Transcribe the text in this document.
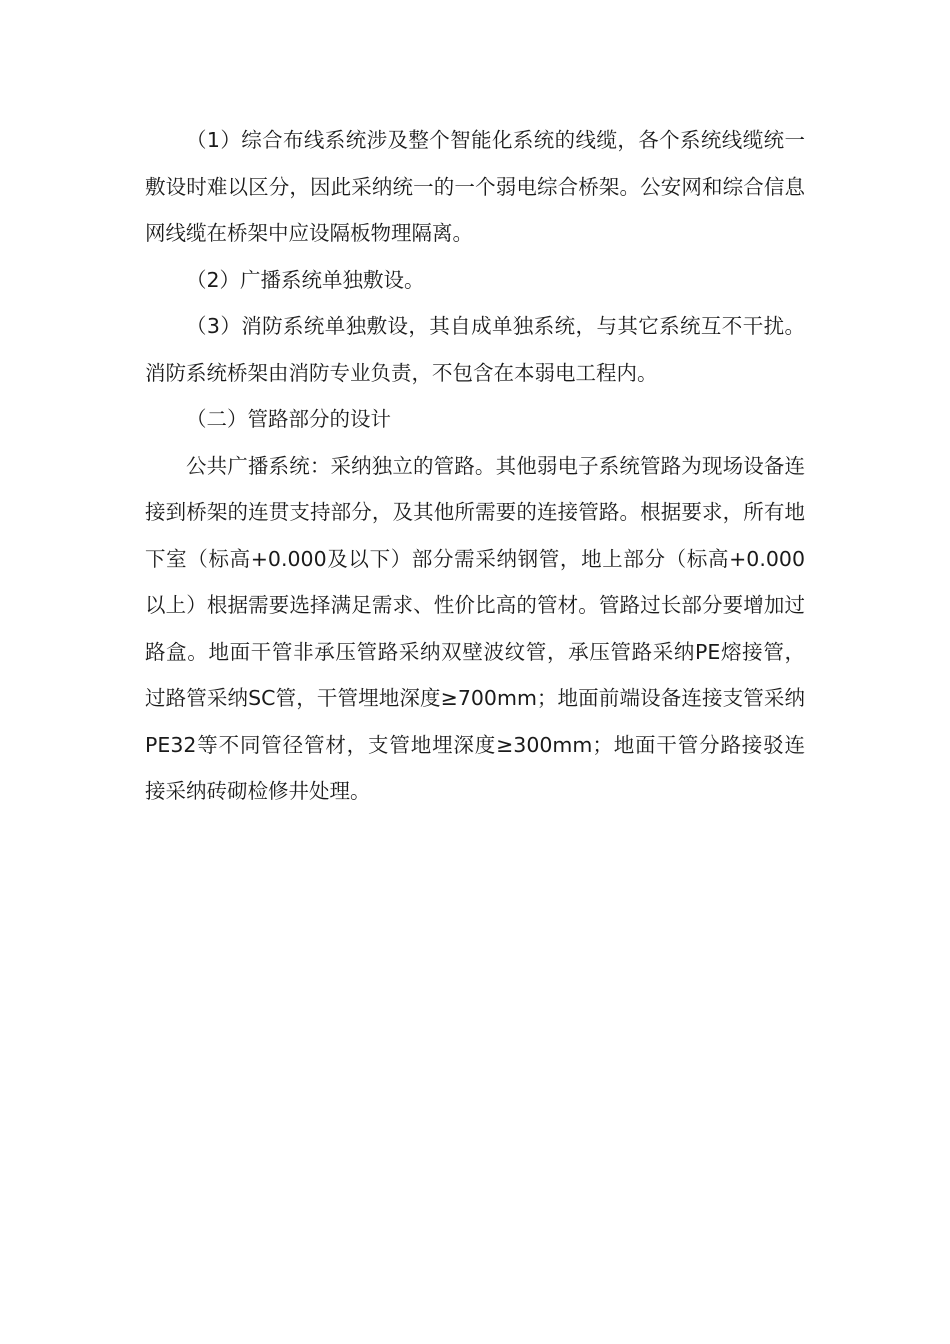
（1）综合布线系统涉及整个智能化系统的线缆，各个系统线缆统一敷设时难以区分，因此采纳统一的一个弱电综合桥架。公安网和综合信息网线缆在桥架中应设隔板物理隔离。

（2）广播系统单独敷设。

（3）消防系统单独敷设，其自成单独系统，与其它系统互不干扰。消防系统桥架由消防专业负责，不包含在本弱电工程内。

（二）管路部分的设计

公共广播系统：采纳独立的管路。其他弱电子系统管路为现场设备连接到桥架的连贯支持部分，及其他所需要的连接管路。根据要求，所有地下室（标高+0.000及以下）部分需采纳钢管，地上部分（标高+0.000以上）根据需要选择满足需求、性价比高的管材。管路过长部分要增加过路盒。地面干管非承压管路采纳双壁波纹管，承压管路采纳PE熔接管，过路管采纳SC管，干管埋地深度≥700mm；地面前端设备连接支管采纳PE32等不同管径管材，支管地埋深度≥300mm；地面干管分路接驳连接采纳砖砌检修井处理。
